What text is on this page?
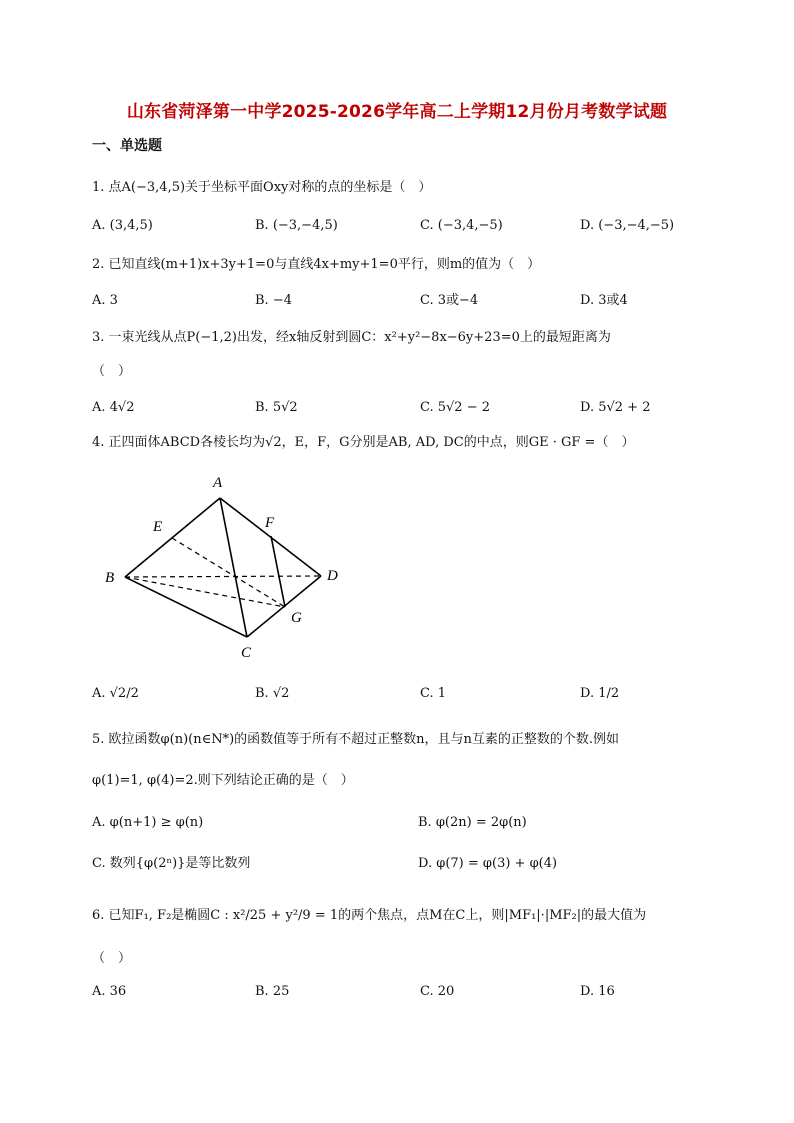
山东省菏泽第一中学2025-2026学年高二上学期12月份月考数学试题
一、单选题
1. 点A(−3,4,5)关于坐标平面Oxy对称的点的坐标是（　）
A. (3,4,5)	B. (−3,−4,5)	C. (−3,4,−5)	D. (−3,−4,−5)
2. 已知直线(m+1)x+3y+1=0与直线4x+my+1=0平行，则m的值为（　）
A. 3	B. −4	C. 3或−4	D. 3或4
3. 一束光线从点P(−1,2)出发，经x轴反射到圆C：x²+y²−8x−6y+23=0上的最短距离为
（　）
A. 4√2	B. 5√2	C. 5√2 − 2	D. 5√2 + 2
4. 正四面体ABCD各棱长均为√2，E，F，G分别是AB, AD, DC的中点，则GE · GF =（　）
A
E	F
B	D
G
C
A. √2/2	B. √2	C. 1	D. 1/2
5. 欧拉函数φ(n)(n∈N*)的函数值等于所有不超过正整数n，且与n互素的正整数的个数.例如
φ(1)=1, φ(4)=2.则下列结论正确的是（　）
A. φ(n+1) ≥ φ(n)	B. φ(2n) = 2φ(n)
C. 数列{φ(2ⁿ)}是等比数列	D. φ(7) = φ(3) + φ(4)
6. 已知F₁, F₂是椭圆C : x²/25 + y²/9 = 1的两个焦点，点M在C上，则|MF₁|·|MF₂|的最大值为
（　）
A. 36	B. 25	C. 20	D. 16
